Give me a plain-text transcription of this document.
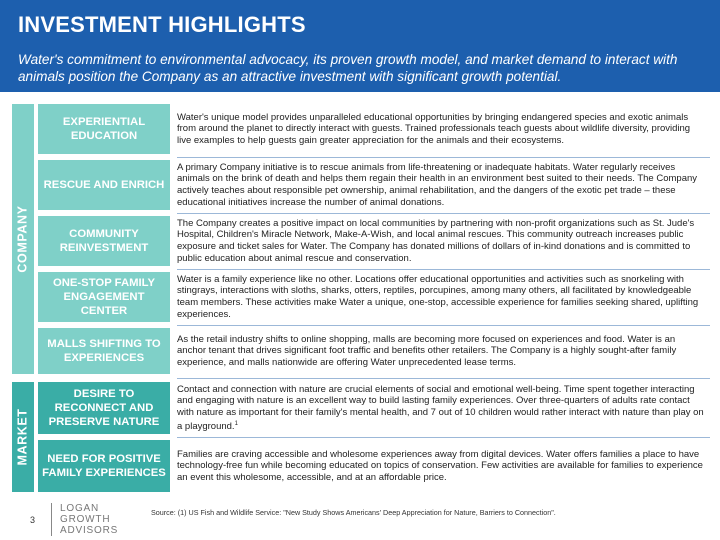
INVESTMENT HIGHLIGHTS
Water's commitment to environmental advocacy, its proven growth model, and market demand to interact with animals position the Company as an attractive investment with significant growth potential.
COMPANY
MARKET
EXPERIENTIAL EDUCATION
Water's unique model provides unparalleled educational opportunities by bringing endangered species and exotic animals from around the planet to directly interact with guests. Trained professionals teach guests about wildlife diversity, providing live examples to help guests gain greater appreciation for the animals and their ecosystems.
RESCUE AND ENRICH
A primary Company initiative is to rescue animals from life-threatening or inadequate habitats. Water regularly receives animals on the brink of death and helps them regain their health in an environment best suited to their needs. The Company actively teaches about responsible pet ownership, animal rehabilitation, and the dangers of the exotic pet trade – these educational initiatives increase the number of animal donations.
COMMUNITY REINVESTMENT
The Company creates a positive impact on local communities by partnering with non-profit organizations such as St. Jude's Hospital, Children's Miracle Network, Make-A-Wish, and local animal rescues. This community outreach increases public exposure and ticket sales for Water. The Company has donated millions of dollars of in-kind donations and is committed to public education about animal rescue and conservation.
ONE-STOP FAMILY ENGAGEMENT CENTER
Water is a family experience like no other. Locations offer educational opportunities and activities such as snorkeling with stingrays, interactions with sloths, sharks, otters, reptiles, porcupines, among many others, all facilitated by knowledgeable team members. These activities make Water a unique, one-stop, accessible experience for families seeking shared, uplifting experiences.
MALLS SHIFTING TO EXPERIENCES
As the retail industry shifts to online shopping, malls are becoming more focused on experiences and food. Water is an anchor tenant that drives significant foot traffic and benefits other retailers. The Company is a highly sought-after family experience, and malls nationwide are offering Water unprecedented lease terms.
DESIRE TO RECONNECT AND PRESERVE NATURE
Contact and connection with nature are crucial elements of social and emotional well-being. Time spent together interacting and engaging with nature is an excellent way to build lasting family experiences. Over three-quarters of adults rate contact with nature as important for their family's mental health, and 7 out of 10 children would rather interact with nature than play on a playground.$^1$
NEED FOR POSITIVE FAMILY EXPERIENCES
Families are craving accessible and wholesome experiences away from digital devices. Water offers families a place to have technology-free fun while becoming educated on topics of conservation. Few activities are available for families to experience an event this wholesome, accessible, and at an affordable price.
3
LOGAN
GROWTH
ADVISORS
Source: (1) US Fish and Wildlife Service: "New Study Shows Americans' Deep Appreciation for Nature, Barriers to Connection".
